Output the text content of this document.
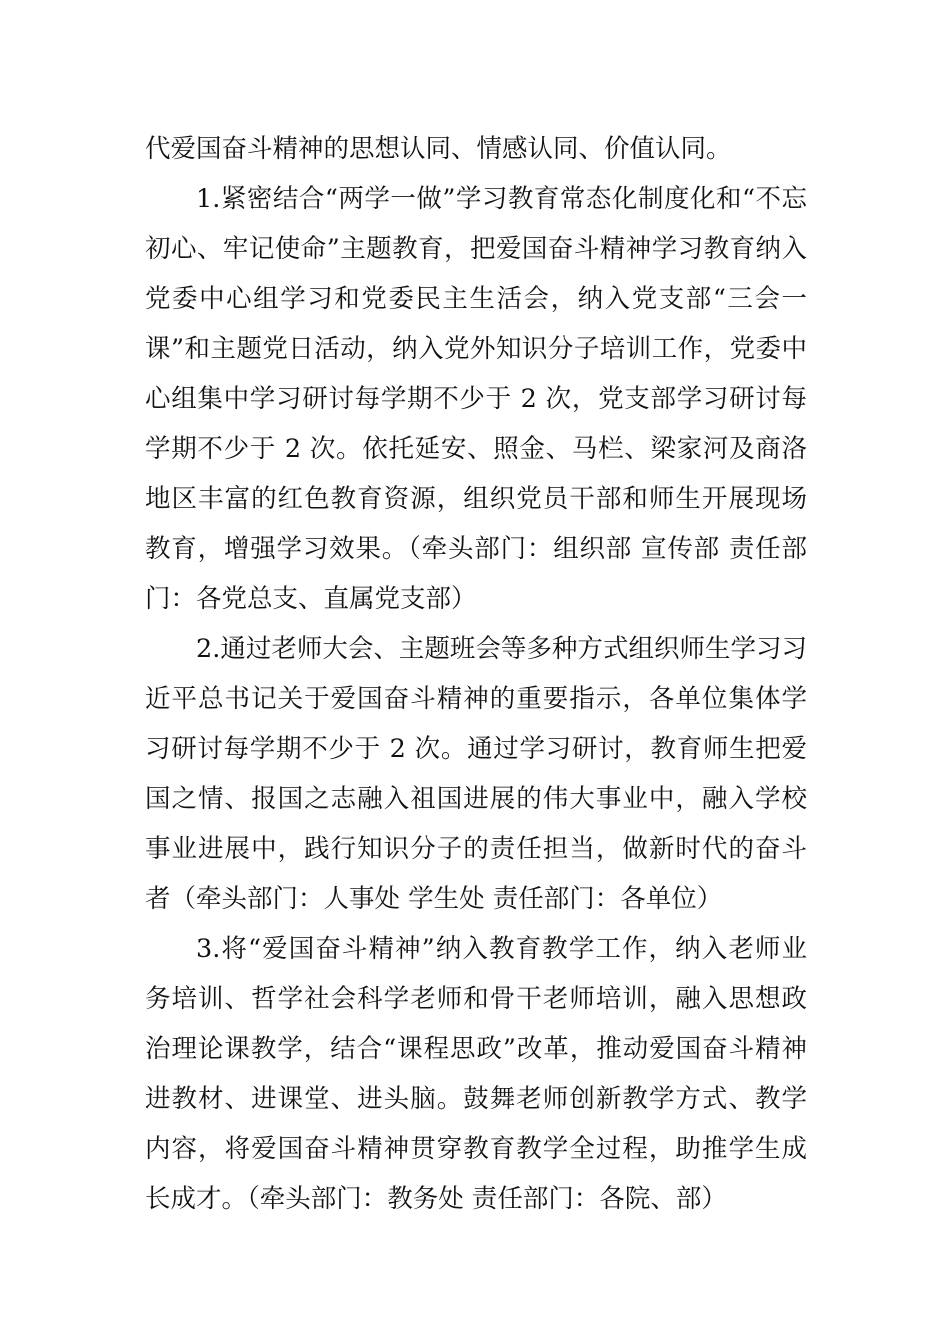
代爱国奋斗精神的思想认同、情感认同、价值认同。

1.紧密结合“两学一做”学习教育常态化制度化和“不忘初心、牢记使命”主题教育，把爱国奋斗精神学习教育纳入党委中心组学习和党委民主生活会，纳入党支部“三会一课”和主题党日活动，纳入党外知识分子培训工作，党委中心组集中学习研讨每学期不少于 2 次，党支部学习研讨每学期不少于 2 次。依托延安、照金、马栏、梁家河及商洛地区丰富的红色教育资源，组织党员干部和师生开展现场教育，增强学习效果。（牵头部门：组织部 宣传部 责任部门：各党总支、直属党支部）

2.通过老师大会、主题班会等多种方式组织师生学习习近平总书记关于爱国奋斗精神的重要指示，各单位集体学习研讨每学期不少于 2 次。通过学习研讨，教育师生把爱国之情、报国之志融入祖国进展的伟大事业中，融入学校事业进展中，践行知识分子的责任担当，做新时代的奋斗者（牵头部门：人事处 学生处 责任部门：各单位）

3.将“爱国奋斗精神”纳入教育教学工作，纳入老师业务培训、哲学社会科学老师和骨干老师培训，融入思想政治理论课教学，结合“课程思政”改革，推动爱国奋斗精神进教材、进课堂、进头脑。鼓舞老师创新教学方式、教学内容，将爱国奋斗精神贯穿教育教学全过程，助推学生成长成才。（牵头部门：教务处 责任部门：各院、部）
